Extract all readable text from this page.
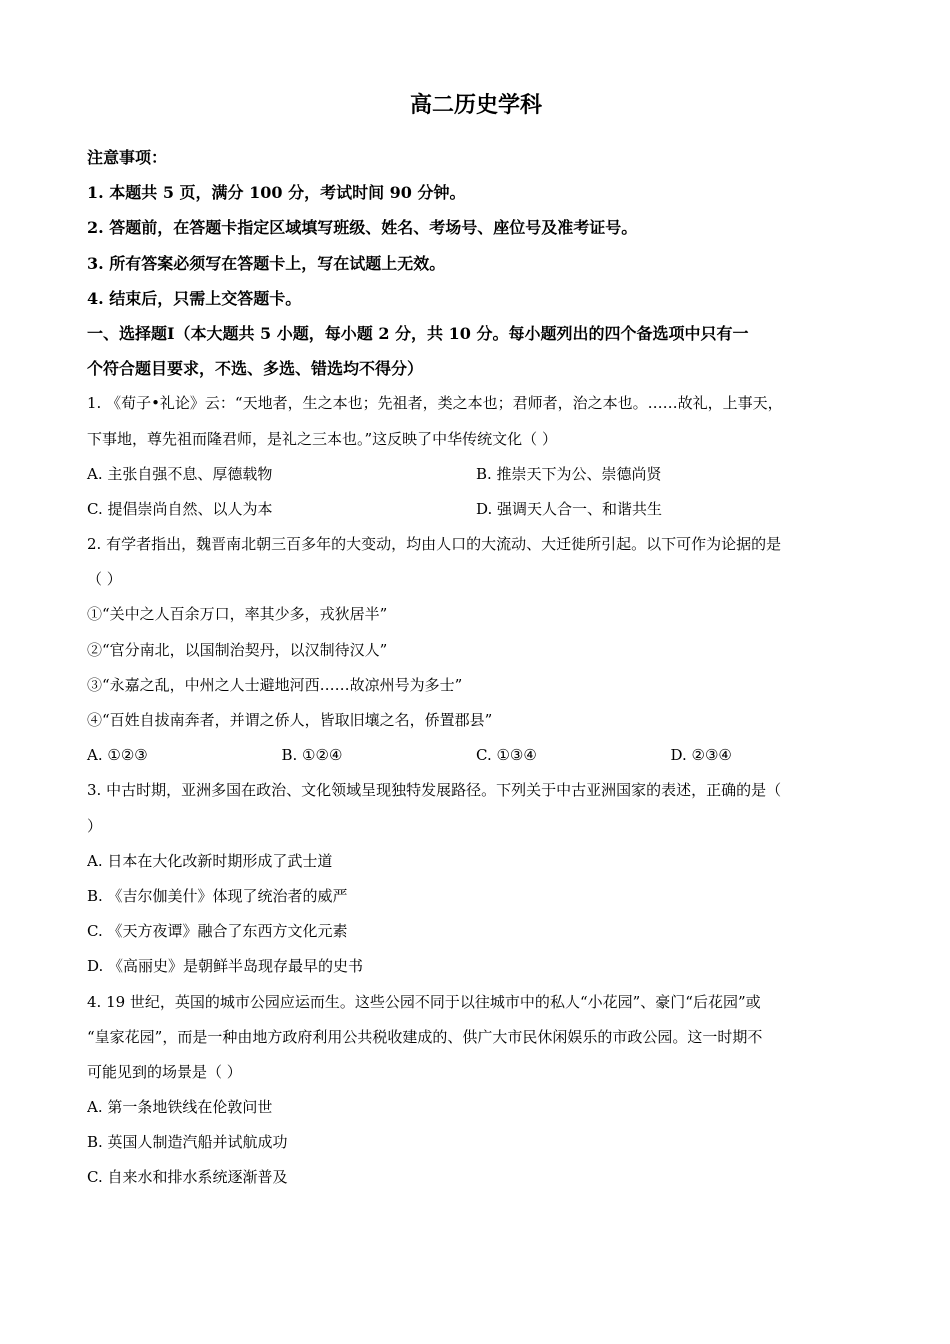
高二历史学科
注意事项：
1. 本题共 5 页，满分 100 分，考试时间 90 分钟。
2. 答题前，在答题卡指定区域填写班级、姓名、考场号、座位号及准考证号。
3. 所有答案必须写在答题卡上，写在试题上无效。
4. 结束后，只需上交答题卡。
一、选择题Ⅰ（本大题共 5 小题，每小题 2 分，共 10 分。每小题列出的四个备选项中只有一
个符合题目要求，不选、多选、错选均不得分）
1. 《荀子•礼论》云：“天地者，生之本也；先祖者，类之本也；君师者，治之本也。……故礼，上事天，
下事地，尊先祖而隆君师，是礼之三本也。”这反映了中华传统文化（ ）
A. 主张自强不息、厚德载物	B. 推崇天下为公、崇德尚贤
C. 提倡崇尚自然、以人为本	D. 强调天人合一、和谐共生
2. 有学者指出，魏晋南北朝三百多年的大变动，均由人口的大流动、大迁徙所引起。以下可作为论据的是
（ ）
①“关中之人百余万口，率其少多，戎狄居半”
②“官分南北，以国制治契丹，以汉制待汉人”
③“永嘉之乱，中州之人士避地河西……故凉州号为多士”
④“百姓自拔南奔者，并谓之侨人，皆取旧壤之名，侨置郡县”
A. ①②③	B. ①②④	C. ①③④	D. ②③④
3. 中古时期，亚洲多国在政治、文化领域呈现独特发展路径。下列关于中古亚洲国家的表述，正确的是（
）
A. 日本在大化改新时期形成了武士道
B. 《吉尔伽美什》体现了统治者的威严
C. 《天方夜谭》融合了东西方文化元素
D. 《高丽史》是朝鲜半岛现存最早的史书
4. 19 世纪，英国的城市公园应运而生。这些公园不同于以往城市中的私人“小花园”、豪门“后花园”或
“皇家花园”，而是一种由地方政府利用公共税收建成的、供广大市民休闲娱乐的市政公园。这一时期不
可能见到的场景是（ ）
A. 第一条地铁线在伦敦问世
B. 英国人制造汽船并试航成功
C. 自来水和排水系统逐渐普及
